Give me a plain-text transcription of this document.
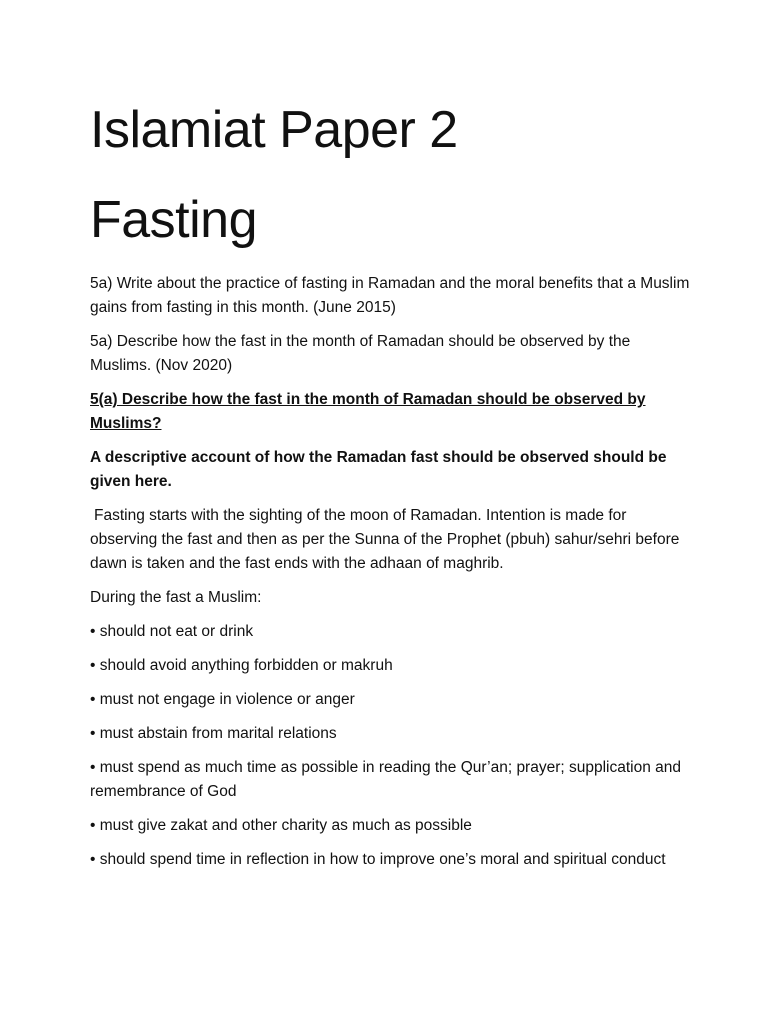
Islamiat Paper 2
Fasting

5a) Write about the practice of fasting in Ramadan and the moral benefits that a Muslim gains from fasting in this month. (June 2015)

5a) Describe how the fast in the month of Ramadan should be observed by the Muslims. (Nov 2020)

5(a) Describe how the fast in the month of Ramadan should be observed by Muslims?

A descriptive account of how the Ramadan fast should be observed should be given here.

Fasting starts with the sighting of the moon of Ramadan. Intention is made for observing the fast and then as per the Sunna of the Prophet (pbuh) sahur/sehri before dawn is taken and the fast ends with the adhaan of maghrib.

During the fast a Muslim:

• should not eat or drink

• should avoid anything forbidden or makruh

• must not engage in violence or anger

• must abstain from marital relations

• must spend as much time as possible in reading the Qur’an; prayer; supplication and remembrance of God

• must give zakat and other charity as much as possible

• should spend time in reflection in how to improve one’s moral and spiritual conduct
